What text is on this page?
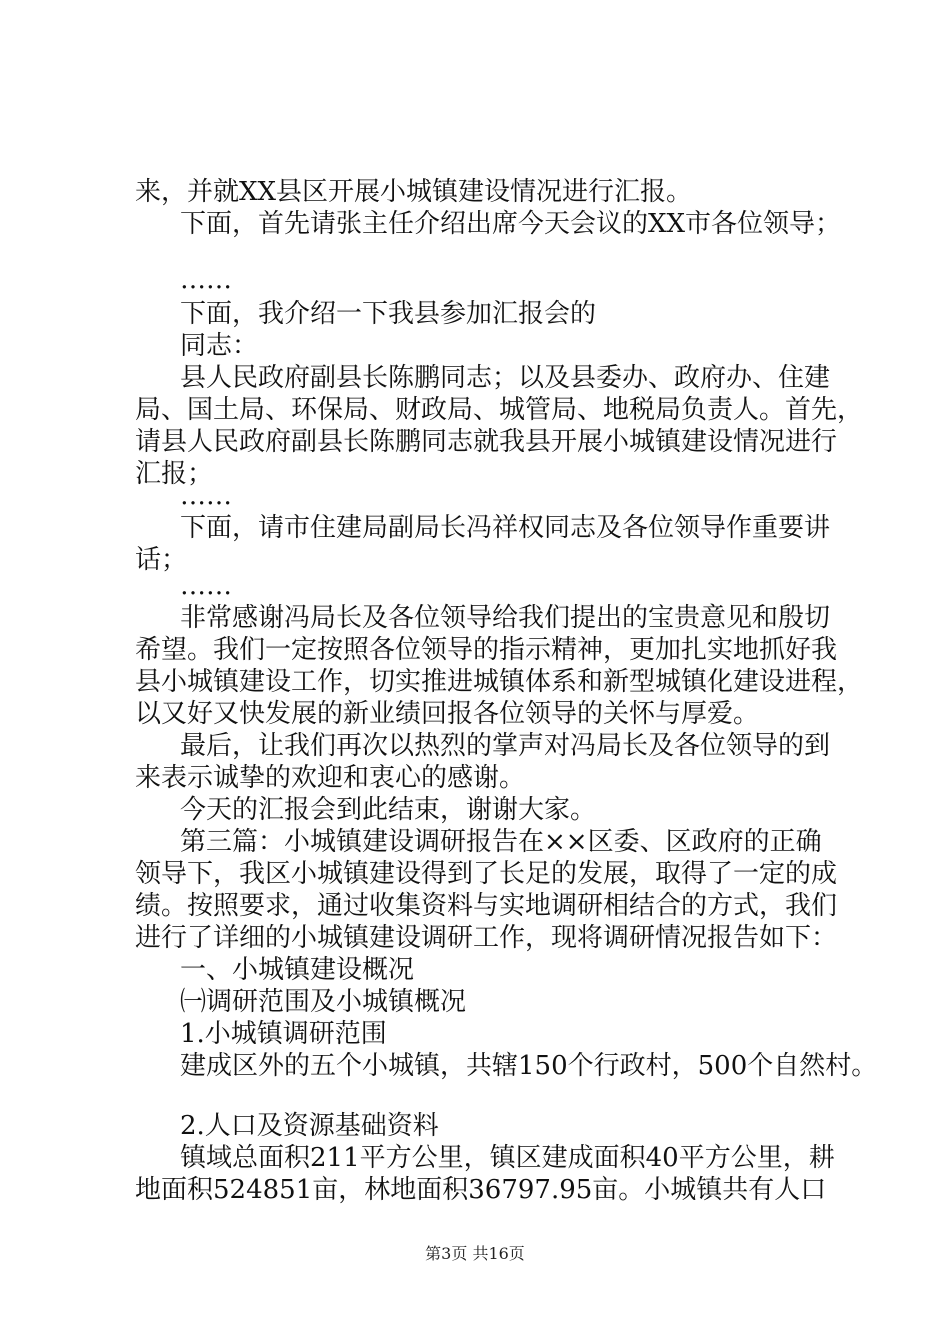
来，并就XX县区开展小城镇建设情况进行汇报。
下面，首先请张主任介绍出席今天会议的XX市各位领导；
……
下面，我介绍一下我县参加汇报会的
同志：
县人民政府副县长陈鹏同志；以及县委办、政府办、住建
局、国土局、环保局、财政局、城管局、地税局负责人。首先，
请县人民政府副县长陈鹏同志就我县开展小城镇建设情况进行
汇报；
……
下面，请市住建局副局长冯祥权同志及各位领导作重要讲
话；
……
非常感谢冯局长及各位领导给我们提出的宝贵意见和殷切
希望。我们一定按照各位领导的指示精神，更加扎实地抓好我
县小城镇建设工作，切实推进城镇体系和新型城镇化建设进程，
以又好又快发展的新业绩回报各位领导的关怀与厚爱。
最后，让我们再次以热烈的掌声对冯局长及各位领导的到
来表示诚挚的欢迎和衷心的感谢。
今天的汇报会到此结束，谢谢大家。
第三篇：小城镇建设调研报告在××区委、区政府的正确
领导下，我区小城镇建设得到了长足的发展，取得了一定的成
绩。按照要求，通过收集资料与实地调研相结合的方式，我们
进行了详细的小城镇建设调研工作，现将调研情况报告如下：
一、小城镇建设概况
㈠调研范围及小城镇概况
1.小城镇调研范围
建成区外的五个小城镇，共辖150个行政村，500个自然村。
2.人口及资源基础资料
镇域总面积211平方公里，镇区建成面积40平方公里，耕
地面积524851亩，林地面积36797.95亩。小城镇共有人口
第3页 共16页
